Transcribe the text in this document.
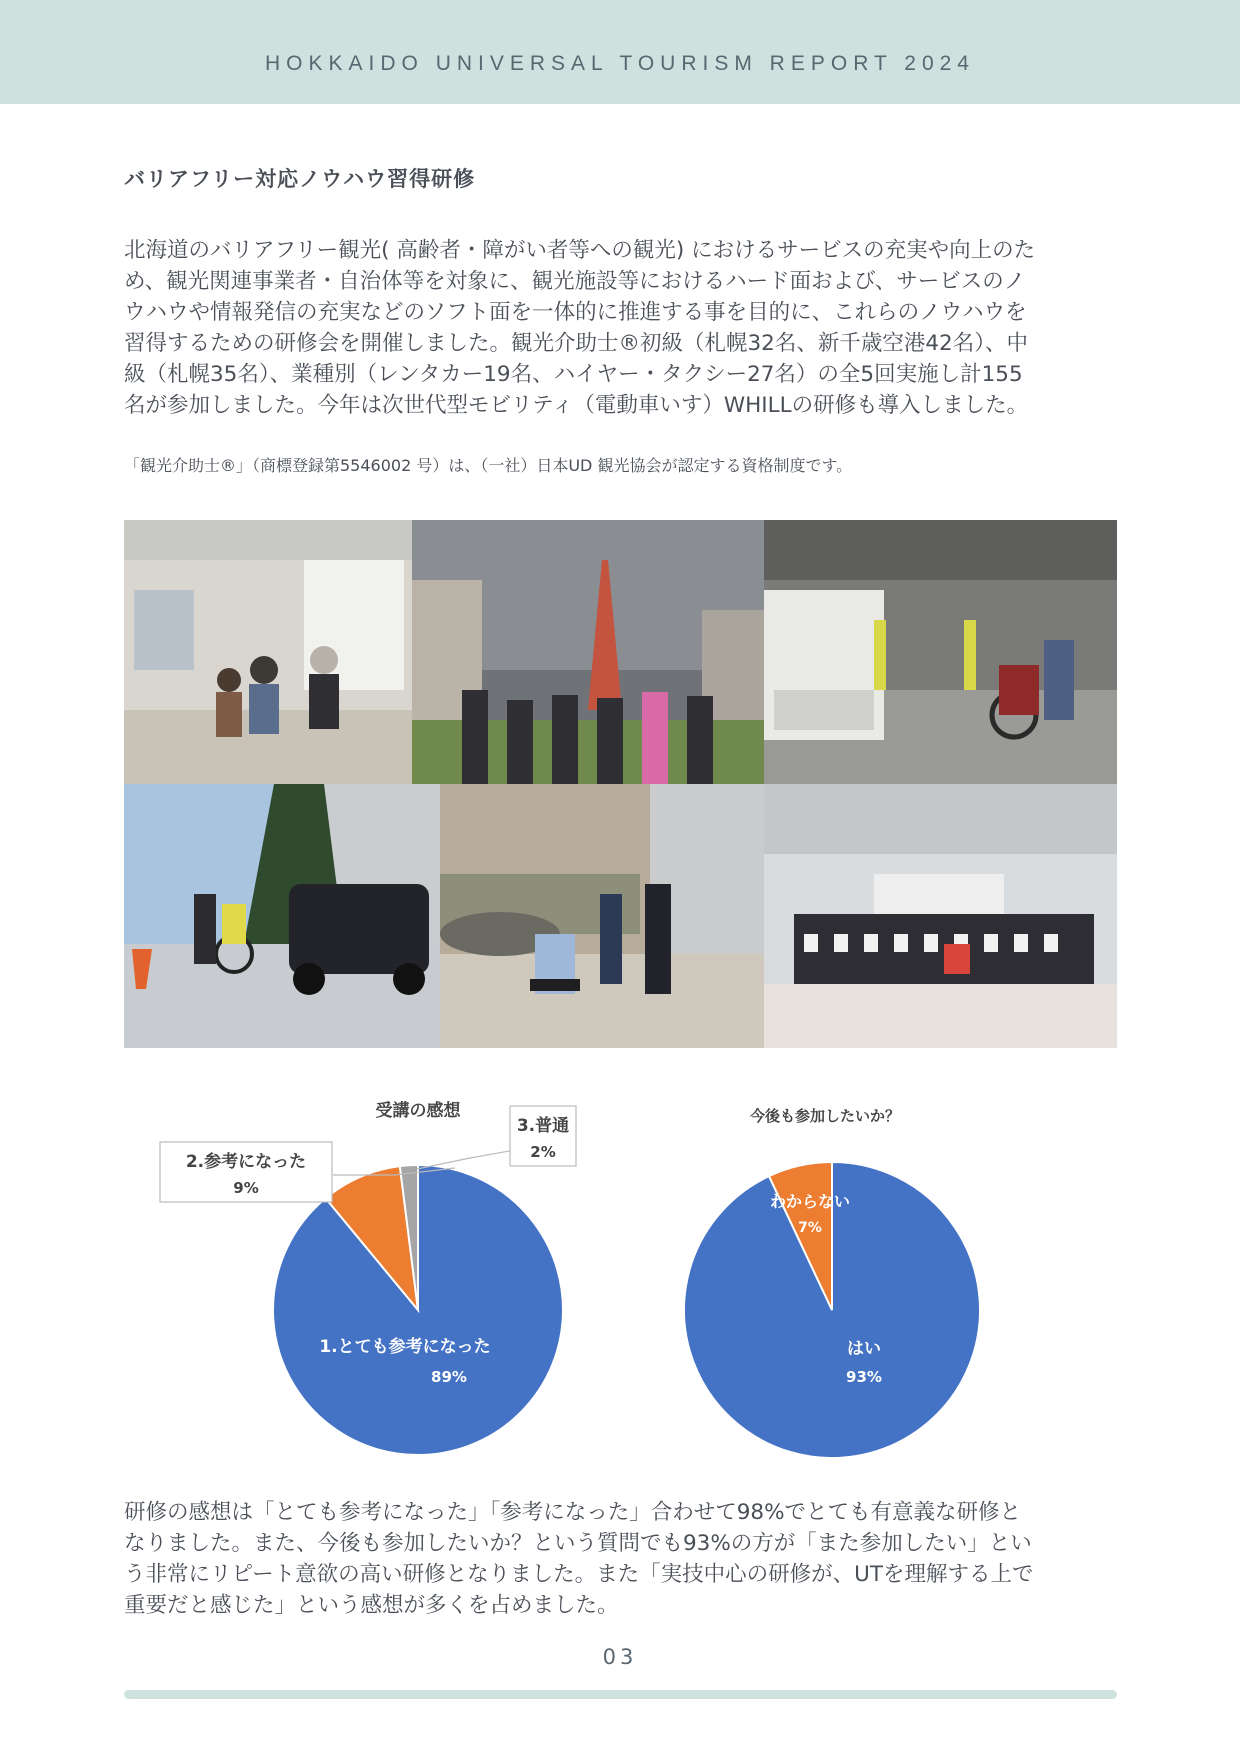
HOKKAIDO UNIVERSAL TOURISM REPORT 2024
バリアフリー対応ノウハウ習得研修
北海道のバリアフリー観光( 高齢者・障がい者等への観光) におけるサービスの充実や向上のた
め、観光関連事業者・自治体等を対象に、観光施設等におけるハード面および、サービスのノ
ウハウや情報発信の充実などのソフト面を一体的に推進する事を目的に、これらのノウハウを
習得するための研修会を開催しました。観光介助士®初級（札幌32名、新千歳空港42名）、中
級（札幌35名）、業種別（レンタカー19名、ハイヤー・タクシー27名）の全5回実施し計155
名が参加しました。今年は次世代型モビリティ（電動車いす）WHILLの研修も導入しました。
「観光介助士®」（商標登録第5546002 号）は、（一社）日本UD 観光協会が認定する資格制度です。
受講の感想
2.参考になった
9%
3.普通
2%
1.とても参考になった
89%
今後も参加したいか？
わからない
7%
はい
93%
研修の感想は「とても参考になった」「参考になった」合わせて98%でとても有意義な研修と
なりました。また、今後も参加したいか？という質問でも93%の方が「また参加したい」とい
う非常にリピート意欲の高い研修となりました。また「実技中心の研修が、UTを理解する上で
重要だと感じた」という感想が多くを占めました。
03
